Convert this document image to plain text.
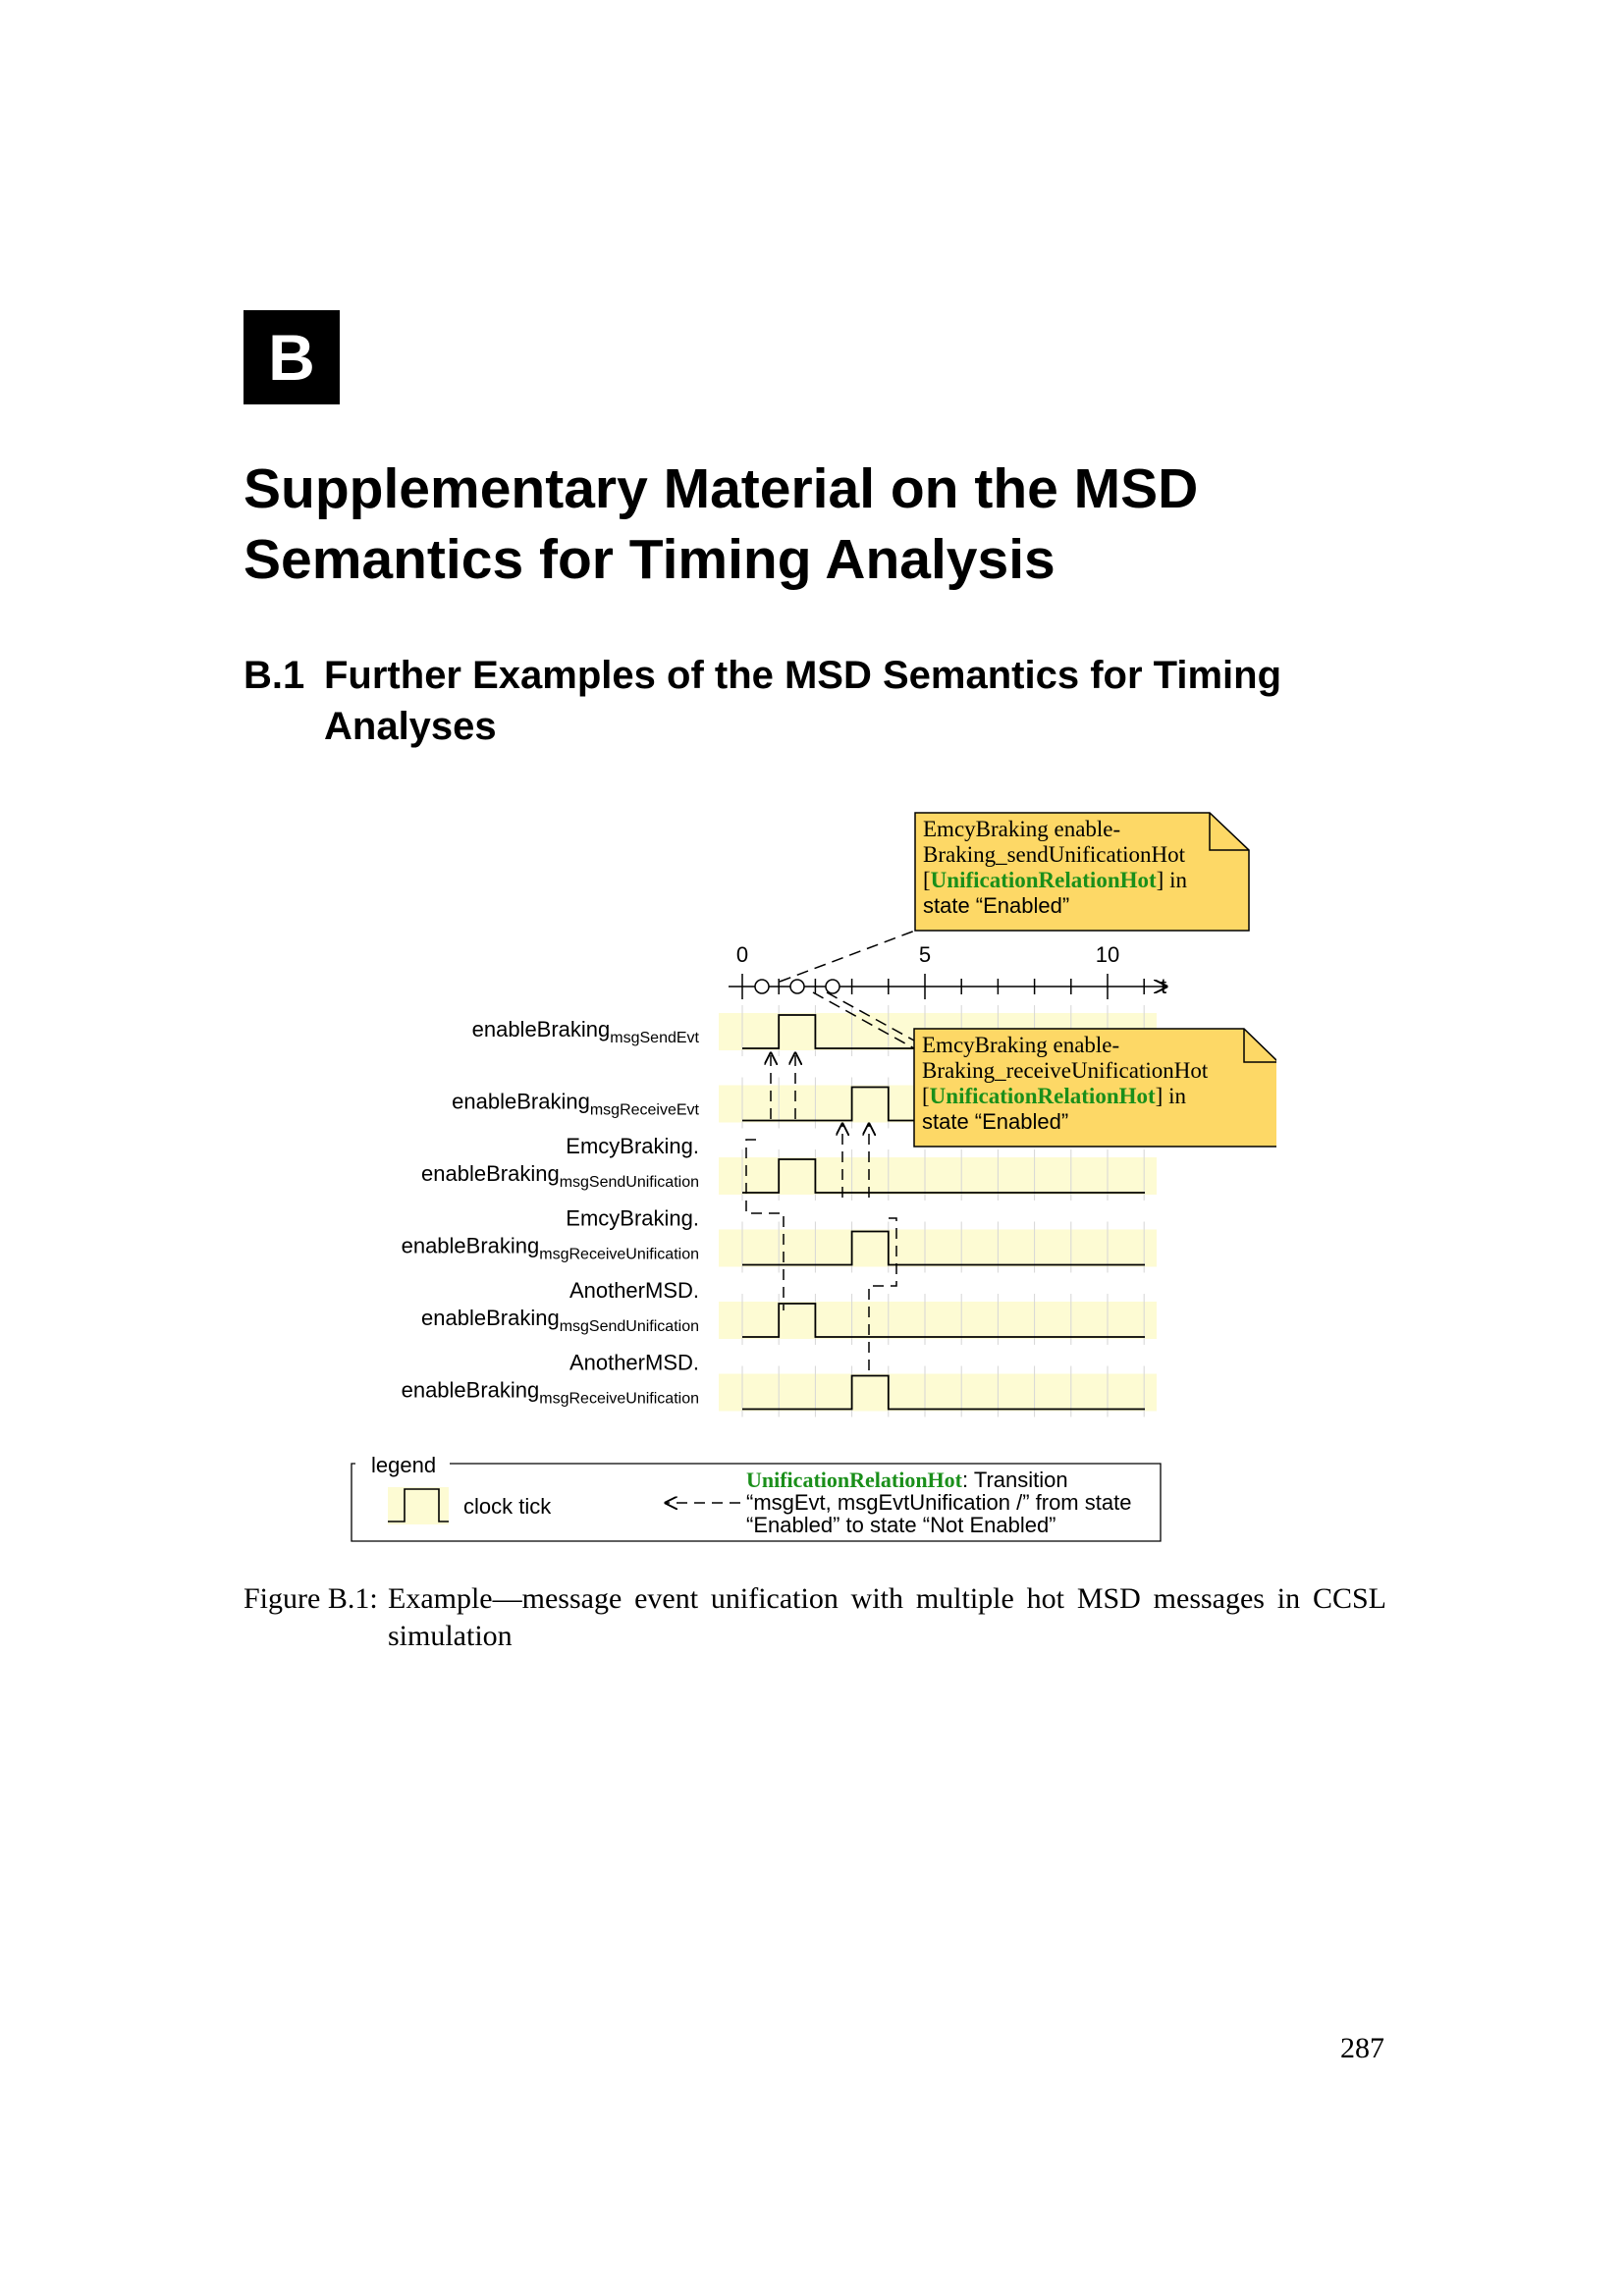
B
Supplementary Material on the MSD
Semantics for Timing Analysis
B.1 Further Examples of the MSD Semantics for Timing
Analyses
enableBraking$_{msgSendEvt}$
enableBraking$_{msgReceiveEvt}$
EmcyBraking.
enableBraking$_{msgSendUnification}$
EmcyBraking.
enableBraking$_{msgReceiveUnification}$
AnotherMSD.
enableBraking$_{msgSendUnification}$
AnotherMSD.
enableBraking$_{msgReceiveUnification}$
0	5	10
t
EmcyBraking enable-
Braking_sendUnificationHot
[UnificationRelationHot] in
state “Enabled”
EmcyBraking enable-
Braking_receiveUnificationHot
[UnificationRelationHot] in
state “Enabled”
legend
clock tick
UnificationRelationHot: Transition
“msgEvt, msgEvtUnification /” from state
“Enabled” to state “Not Enabled”
Figure B.1: Example—message event unification with multiple hot MSD messages in CCSL simulation
287
